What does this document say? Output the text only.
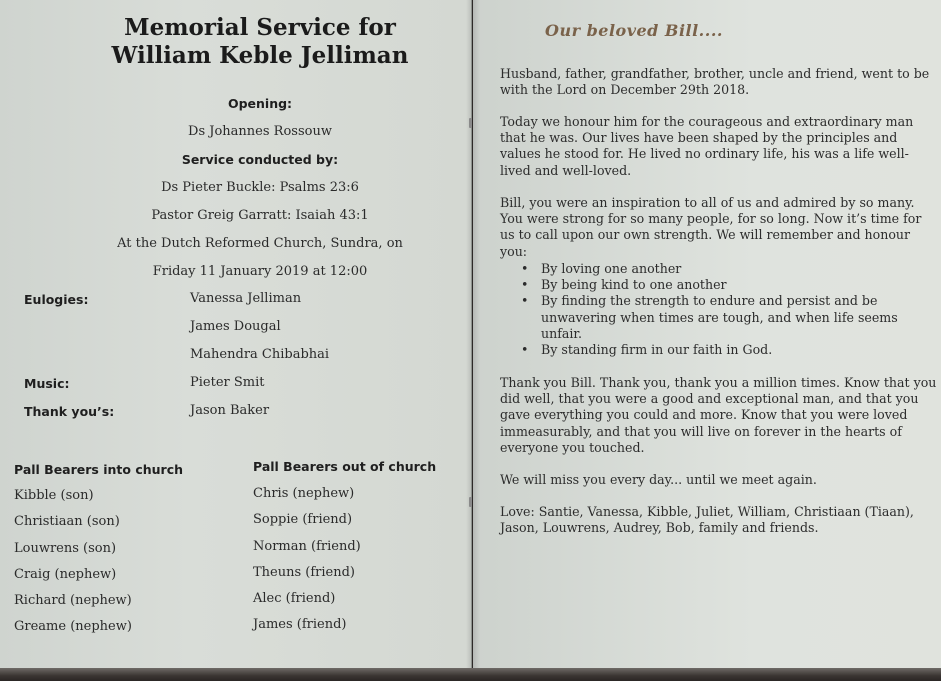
Memorial Service for
William Keble Jelliman
Opening:
Ds Johannes Rossouw
Service conducted by:
Ds Pieter Buckle: Psalms 23:6
Pastor Greig Garratt: Isaiah 43:1
At the Dutch Reformed Church, Sundra, on
Friday 11 January 2019 at 12:00
Eulogies:	Vanessa Jelliman
James Dougal
Mahendra Chibabhai
Music:	Pieter Smit
Thank you’s:	Jason Baker
Pall Bearers into church
Kibble (son)
Christiaan (son)
Louwrens (son)
Craig (nephew)
Richard (nephew)
Greame (nephew)
Pall Bearers out of church
Chris (nephew)
Soppie (friend)
Norman (friend)
Theuns (friend)
Alec (friend)
James (friend)
Our beloved Bill....

Husband, father, grandfather, brother, uncle and friend, went to be with the Lord on December 29th 2018.

Today we honour him for the courageous and extraordinary man that he was. Our lives have been shaped by the principles and values he stood for. He lived no ordinary life, his was a life well-lived and well-loved.

Bill, you were an inspiration to all of us and admired by so many. You were strong for so many people, for so long. Now it’s time for us to call upon our own strength. We will remember and honour you:

• By loving one another
• By being kind to one another
• By finding the strength to endure and persist and be unwavering when times are tough, and when life seems unfair.
• By standing firm in our faith in God.

Thank you Bill. Thank you, thank you a million times. Know that you did well, that you were a good and exceptional man, and that you gave everything you could and more. Know that you were loved immeasurably, and that you will live on forever in the hearts of everyone you touched.

We will miss you every day... until we meet again.

Love: Santie, Vanessa, Kibble, Juliet, William, Christiaan (Tiaan), Jason, Louwrens, Audrey, Bob, family and friends.
